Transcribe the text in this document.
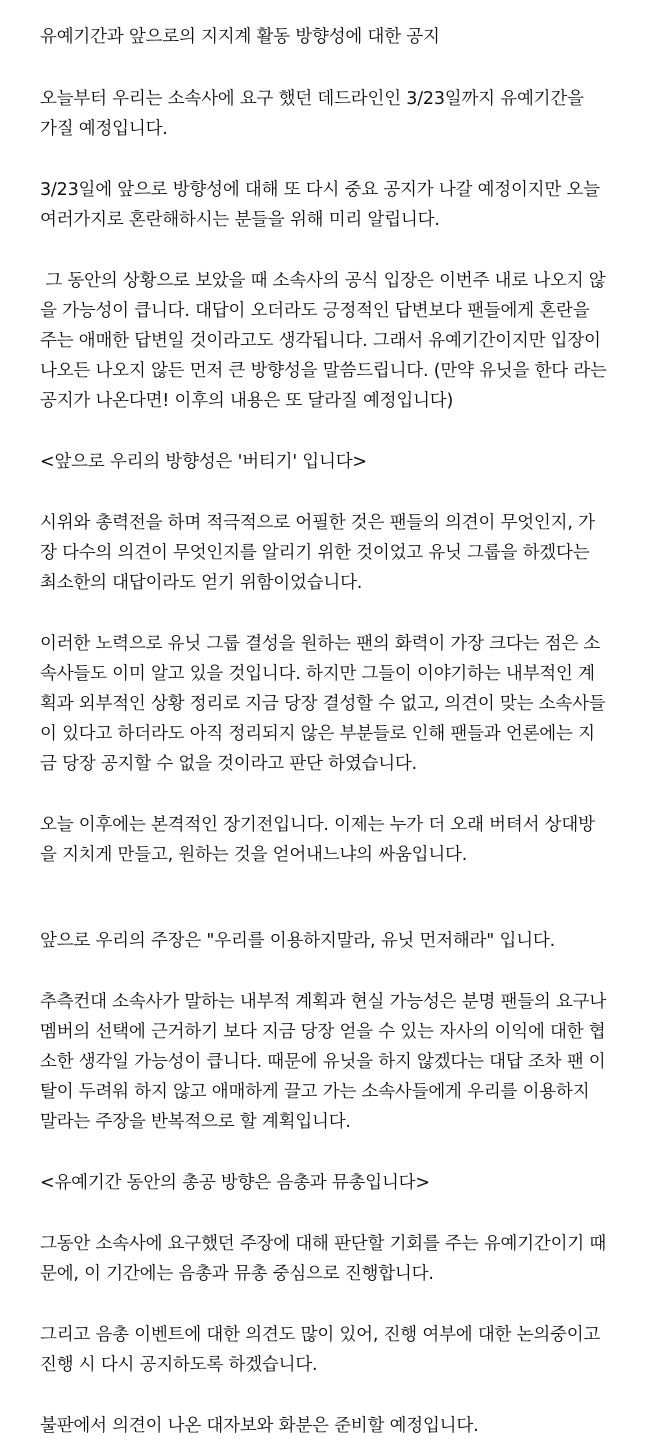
유예기간과 앞으로의 지지계 활동 방향성에 대한 공지
오늘부터 우리는 소속사에 요구 했던 데드라인인 3/23일까지 유예기간을
가질 예정입니다.
3/23일에 앞으로 방향성에 대해 또 다시 중요 공지가 나갈 예정이지만 오늘
여러가지로 혼란해하시는 분들을 위해 미리 알립니다.
그 동안의 상황으로 보았을 때 소속사의 공식 입장은 이번주 내로 나오지 않
을 가능성이 큽니다. 대답이 오더라도 긍정적인 답변보다 팬들에게 혼란을
주는 애매한 답변일 것이라고도 생각됩니다. 그래서 유예기간이지만 입장이
나오든 나오지 않든 먼저 큰 방향성을 말씀드립니다. (만약 유닛을 한다 라는
공지가 나온다면! 이후의 내용은 또 달라질 예정입니다)
<앞으로 우리의 방향성은 '버티기' 입니다>
시위와 총력전을 하며 적극적으로 어필한 것은 팬들의 의견이 무엇인지, 가
장 다수의 의견이 무엇인지를 알리기 위한 것이었고 유닛 그룹을 하겠다는
최소한의 대답이라도 얻기 위함이었습니다.
이러한 노력으로 유닛 그룹 결성을 원하는 팬의 화력이 가장 크다는 점은 소
속사들도 이미 알고 있을 것입니다. 하지만 그들이 이야기하는 내부적인 계
획과 외부적인 상황 정리로 지금 당장 결성할 수 없고, 의견이 맞는 소속사들
이 있다고 하더라도 아직 정리되지 않은 부분들로 인해 팬들과 언론에는 지
금 당장 공지할 수 없을 것이라고 판단 하였습니다.
오늘 이후에는 본격적인 장기전입니다. 이제는 누가 더 오래 버텨서 상대방
을 지치게 만들고, 원하는 것을 얻어내느냐의 싸움입니다.
앞으로 우리의 주장은 "우리를 이용하지말라, 유닛 먼저해라" 입니다.
추측컨대 소속사가 말하는 내부적 계획과 현실 가능성은 분명 팬들의 요구나
멤버의 선택에 근거하기 보다 지금 당장 얻을 수 있는 자사의 이익에 대한 협
소한 생각일 가능성이 큽니다. 때문에 유닛을 하지 않겠다는 대답 조차 팬 이
탈이 두려워 하지 않고 애매하게 끌고 가는 소속사들에게 우리를 이용하지
말라는 주장을 반복적으로 할 계획입니다.
<유예기간 동안의 총공 방향은 음총과 뮤총입니다>
그동안 소속사에 요구했던 주장에 대해 판단할 기회를 주는 유예기간이기 때
문에, 이 기간에는 음총과 뮤총 중심으로 진행합니다.
그리고 음총 이벤트에 대한 의견도 많이 있어, 진행 여부에 대한 논의중이고
진행 시 다시 공지하도록 하겠습니다.
불판에서 의견이 나온 대자보와 화분은 준비할 예정입니다.
